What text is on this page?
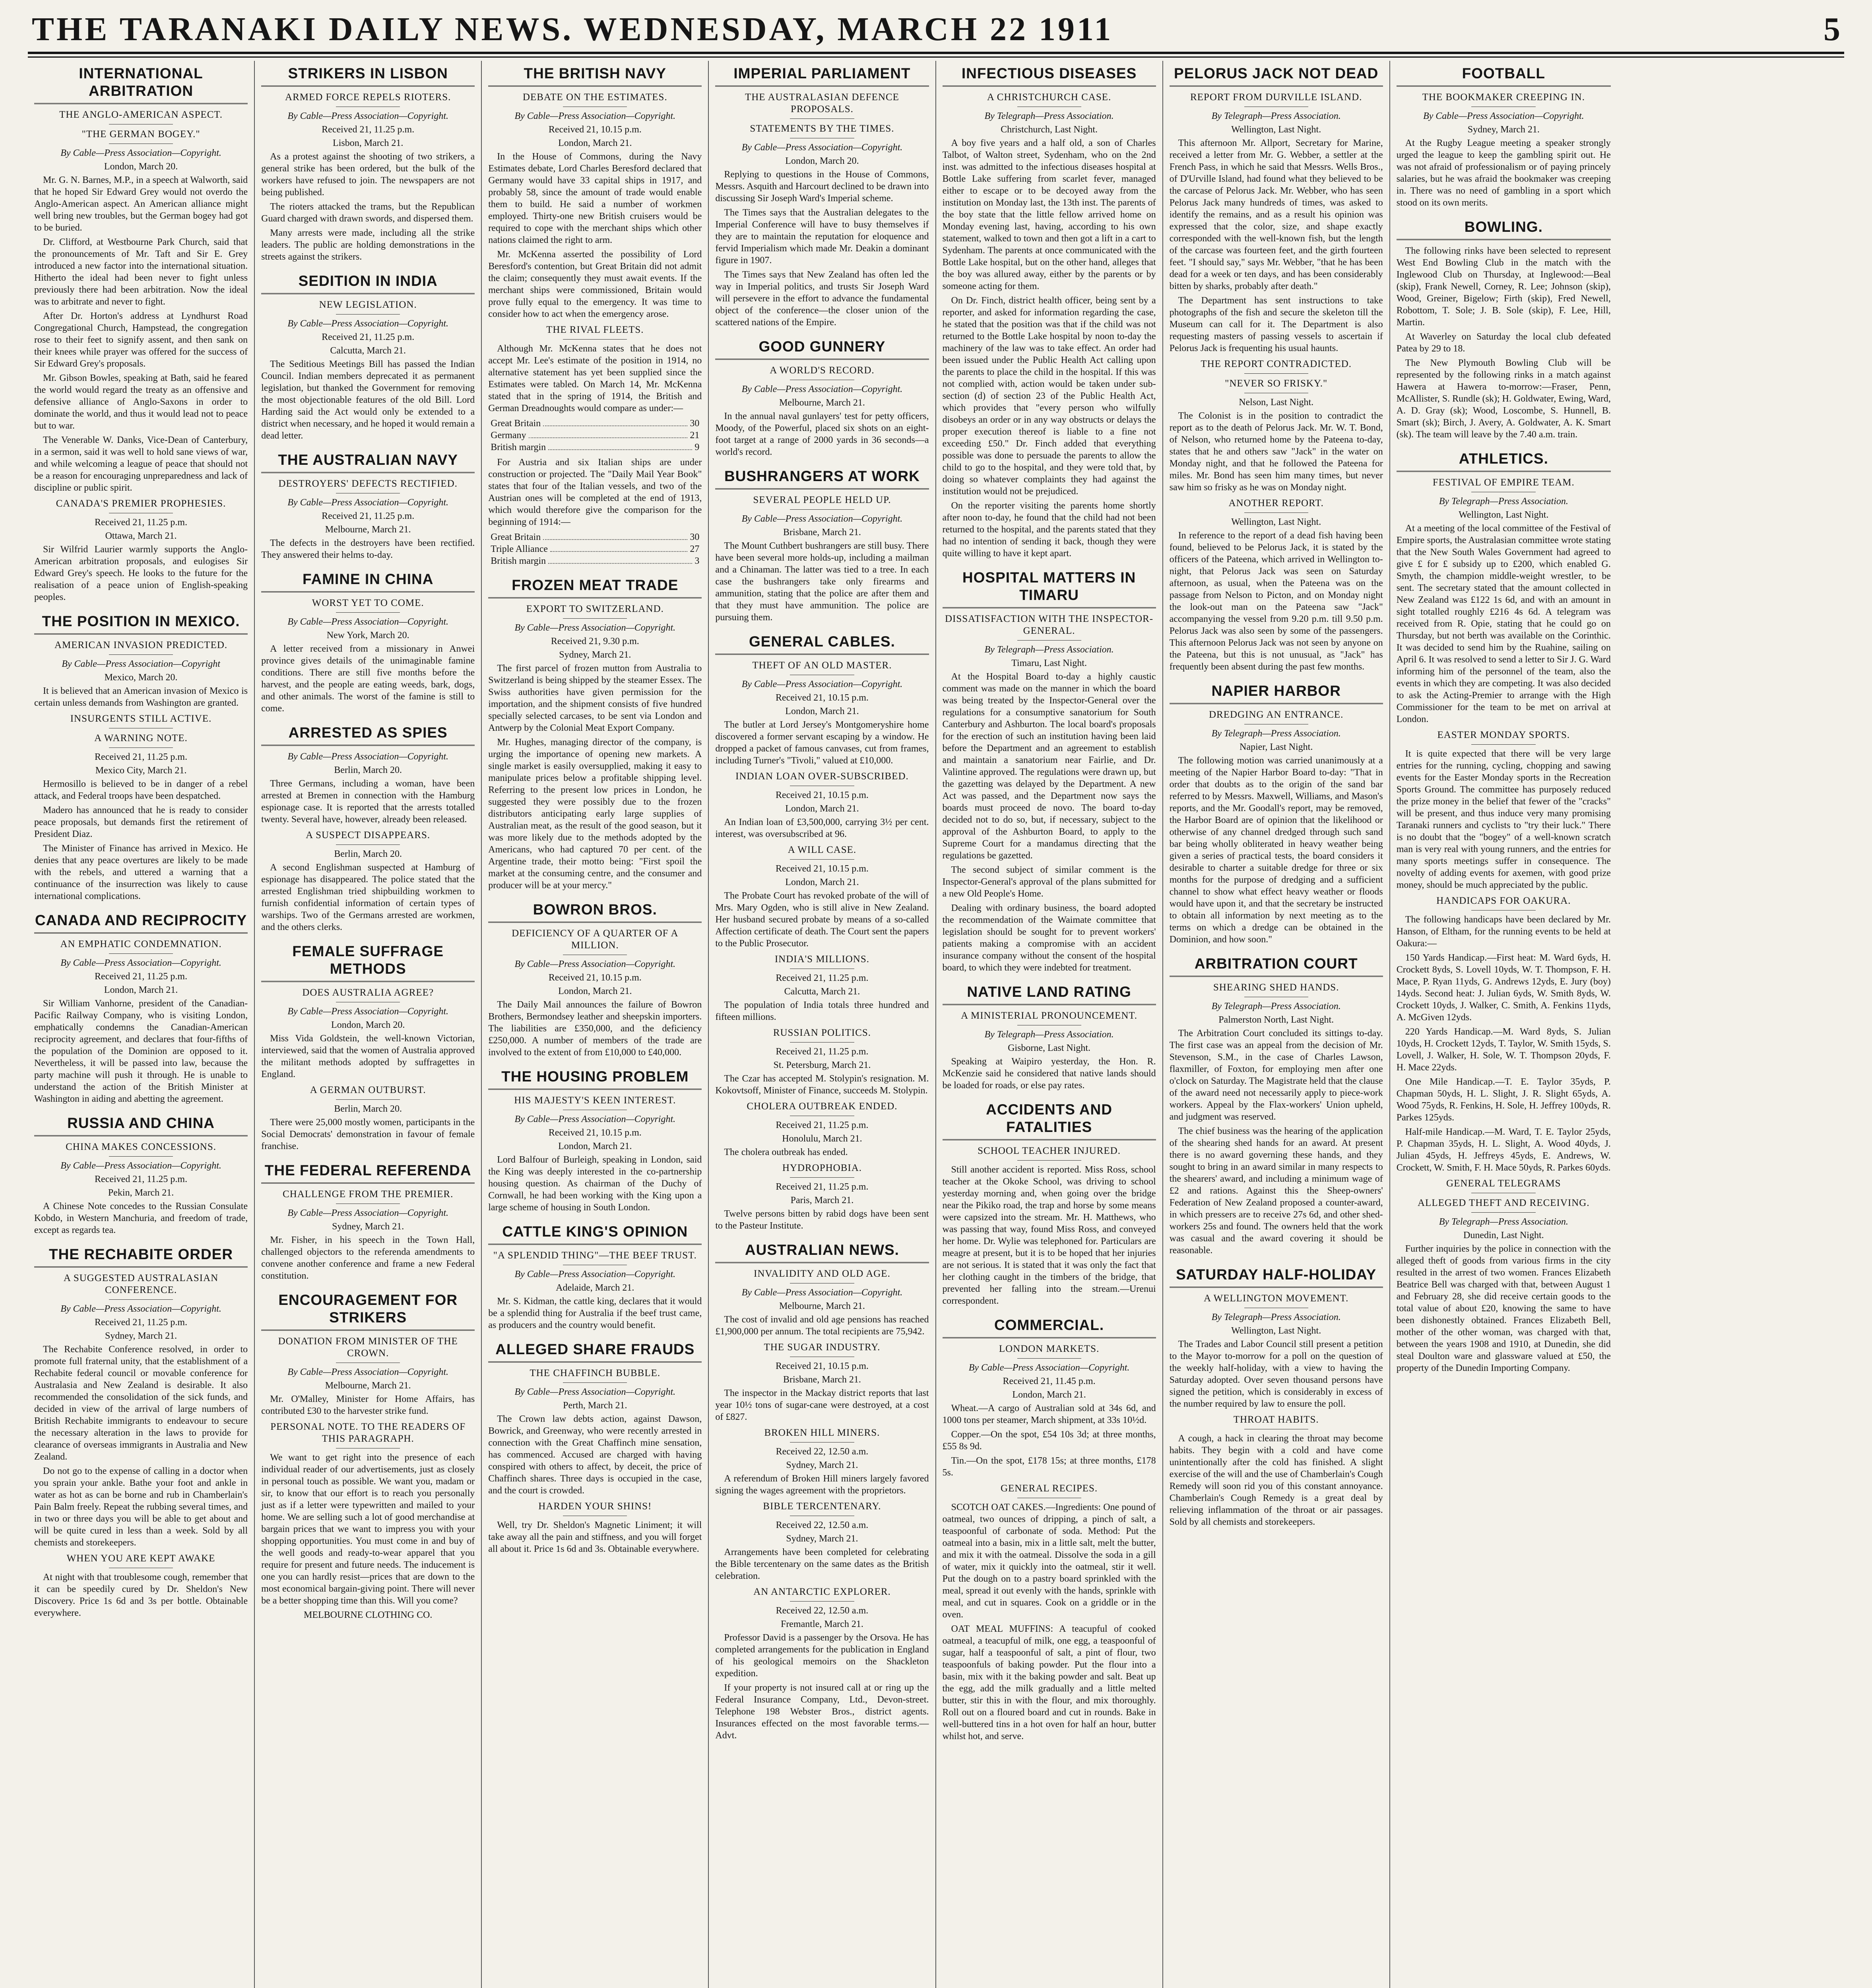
THE TARANAKI DAILY NEWS. WEDNESDAY, MARCH 22 1911	5
INTERNATIONAL ARBITRATION
THE ANGLO-AMERICAN ASPECT.
"THE GERMAN BOGEY."
By Cable—Press Association—Copyright.
London, March 20.
Mr. G. N. Barnes, M.P., in a speech at Walworth, said that he hoped Sir Edward Grey would not overdo the Anglo-American aspect. An American alliance might well bring new troubles, but the German bogey had got to be buried.
Dr. Clifford, at Westbourne Park Church, said that the pronouncements of Mr. Taft and Sir E. Grey introduced a new factor into the international situation. Hitherto the ideal had been never to fight unless previously there had been arbitration. Now the ideal was to arbitrate and never to fight.
After Dr. Horton's address at Lyndhurst Road Congregational Church, Hampstead, the congregation rose to their feet to signify assent, and then sank on their knees while prayer was offered for the success of Sir Edward Grey's proposals.
Mr. Gibson Bowles, speaking at Bath, said he feared the world would regard the treaty as an offensive and defensive alliance of Anglo-Saxons in order to dominate the world, and thus it would lead not to peace but to war.
The Venerable W. Danks, Vice-Dean of Canterbury, in a sermon, said it was well to hold sane views of war, and while welcoming a league of peace that should not be a reason for encouraging unpreparedness and lack of discipline or public spirit.
CANADA'S PREMIER PROPHESIES.
Received 21, 11.25 p.m.
Ottawa, March 21.
Sir Wilfrid Laurier warmly supports the Anglo-American arbitration proposals, and eulogises Sir Edward Grey's speech. He looks to the future for the realisation of a peace union of English-speaking peoples.
THE POSITION IN MEXICO.
AMERICAN INVASION PREDICTED.
By Cable—Press Association—Copyright
Mexico, March 20.
It is believed that an American invasion of Mexico is certain unless demands from Washington are granted.
INSURGENTS STILL ACTIVE.
A WARNING NOTE.
Received 21, 11.25 p.m.
Mexico City, March 21.
Hermosillo is believed to be in danger of a rebel attack, and Federal troops have been despatched.
Madero has announced that he is ready to consider peace proposals, but demands first the retirement of President Diaz.
The Minister of Finance has arrived in Mexico. He denies that any peace overtures are likely to be made with the rebels, and uttered a warning that a continuance of the insurrection was likely to cause international complications.
CANADA AND RECIPROCITY
AN EMPHATIC CONDEMNATION.
By Cable—Press Association—Copyright.
Received 21, 11.25 p.m.
London, March 21.
Sir William Vanhorne, president of the Canadian-Pacific Railway Company, who is visiting London, emphatically condemns the Canadian-American reciprocity agreement, and declares that four-fifths of the population of the Dominion are opposed to it. Nevertheless, it will be passed into law, because the party machine will push it through. He is unable to understand the action of the British Minister at Washington in aiding and abetting the agreement.
RUSSIA AND CHINA
CHINA MAKES CONCESSIONS.
By Cable—Press Association—Copyright.
Received 21, 11.25 p.m.
Pekin, March 21.
A Chinese Note concedes to the Russian Consulate Kobdo, in Western Manchuria, and freedom of trade, except as regards tea.
THE RECHABITE ORDER
A SUGGESTED AUSTRALASIAN CONFERENCE.
By Cable—Press Association—Copyright.
Received 21, 11.25 p.m.
Sydney, March 21.
The Rechabite Conference resolved, in order to promote full fraternal unity, that the establishment of a Rechabite federal council or movable conference for Australasia and New Zealand is desirable. It also recommended the consolidation of the sick funds, and decided in view of the arrival of large numbers of British Rechabite immigrants to endeavour to secure the necessary alteration in the laws to provide for clearance of overseas immigrants in Australia and New Zealand.
Do not go to the expense of calling in a doctor when you sprain your ankle. Bathe your foot and ankle in water as hot as can be borne and rub in Chamberlain's Pain Balm freely. Repeat the rubbing several times, and in two or three days you will be able to get about and will be quite cured in less than a week. Sold by all chemists and storekeepers.
WHEN YOU ARE KEPT AWAKE
At night with that troublesome cough, remember that it can be speedily cured by Dr. Sheldon's New Discovery. Price 1s 6d and 3s per bottle. Obtainable everywhere.
STRIKERS IN LISBON
ARMED FORCE REPELS RIOTERS.
By Cable—Press Association—Copyright.
Received 21, 11.25 p.m.
Lisbon, March 21.
As a protest against the shooting of two strikers, a general strike has been ordered, but the bulk of the workers have refused to join. The newspapers are not being published.
The rioters attacked the trams, but the Republican Guard charged with drawn swords, and dispersed them.
Many arrests were made, including all the strike leaders. The public are holding demonstrations in the streets against the strikers.
SEDITION IN INDIA
NEW LEGISLATION.
By Cable—Press Association—Copyright.
Received 21, 11.25 p.m.
Calcutta, March 21.
The Seditious Meetings Bill has passed the Indian Council. Indian members deprecated it as permanent legislation, but thanked the Government for removing the most objectionable features of the old Bill. Lord Harding said the Act would only be extended to a district when necessary, and he hoped it would remain a dead letter.
THE AUSTRALIAN NAVY
DESTROYERS' DEFECTS RECTIFIED.
By Cable—Press Association—Copyright.
Received 21, 11.25 p.m.
Melbourne, March 21.
The defects in the destroyers have been rectified. They answered their helms to-day.
FAMINE IN CHINA
WORST YET TO COME.
By Cable—Press Association—Copyright.
New York, March 20.
A letter received from a missionary in Anwei province gives details of the unimaginable famine conditions. There are still five months before the harvest, and the people are eating weeds, bark, dogs, and other animals. The worst of the famine is still to come.
ARRESTED AS SPIES
By Cable—Press Association—Copyright.
Berlin, March 20.
Three Germans, including a woman, have been arrested at Bremen in connection with the Hamburg espionage case. It is reported that the arrests totalled twenty. Several have, however, already been released.
A SUSPECT DISAPPEARS.
Berlin, March 20.
A second Englishman suspected at Hamburg of espionage has disappeared. The police stated that the arrested Englishman tried shipbuilding workmen to furnish confidential information of certain types of warships. Two of the Germans arrested are workmen, and the others clerks.
FEMALE SUFFRAGE METHODS
DOES AUSTRALIA AGREE?
By Cable—Press Association—Copyright.
London, March 20.
Miss Vida Goldstein, the well-known Victorian, interviewed, said that the women of Australia approved the militant methods adopted by suffragettes in England.
A GERMAN OUTBURST.
Berlin, March 20.
There were 25,000 mostly women, participants in the Social Democrats' demonstration in favour of female franchise.
THE FEDERAL REFERENDA
CHALLENGE FROM THE PREMIER.
By Cable—Press Association—Copyright.
Sydney, March 21.
Mr. Fisher, in his speech in the Town Hall, challenged objectors to the referenda amendments to convene another conference and frame a new Federal constitution.
ENCOURAGEMENT FOR STRIKERS
DONATION FROM MINISTER OF THE CROWN.
By Cable—Press Association—Copyright.
Melbourne, March 21.
Mr. O'Malley, Minister for Home Affairs, has contributed £30 to the harvester strike fund.
PERSONAL NOTE. TO THE READERS OF THIS PARAGRAPH.
We want to get right into the presence of each individual reader of our advertisements, just as closely in personal touch as possible. We want you, madam or sir, to know that our effort is to reach you personally just as if a letter were typewritten and mailed to your home. We are selling such a lot of good merchandise at bargain prices that we want to impress you with your shopping opportunities. You must come in and buy of the well goods and ready-to-wear apparel that you require for present and future needs. The inducement is one you can hardly resist—prices that are down to the most economical bargain-giving point. There will never be a better shopping time than this. Will you come?
MELBOURNE CLOTHING CO.
THE BRITISH NAVY
DEBATE ON THE ESTIMATES.
By Cable—Press Association—Copyright.
Received 21, 10.15 p.m.
London, March 21.
In the House of Commons, during the Navy Estimates debate, Lord Charles Beresford declared that Germany would have 33 capital ships in 1917, and probably 58, since the amount of trade would enable them to build. He said a number of workmen employed. Thirty-one new British cruisers would be required to cope with the merchant ships which other nations claimed the right to arm.
Mr. McKenna asserted the possibility of Lord Beresford's contention, but Great Britain did not admit the claim; consequently they must await events. If the merchant ships were commissioned, Britain would prove fully equal to the emergency. It was time to consider how to act when the emergency arose.
THE RIVAL FLEETS.
Although Mr. McKenna states that he does not accept Mr. Lee's estimate of the position in 1914, no alternative statement has yet been supplied since the Estimates were tabled. On March 14, Mr. McKenna stated that in the spring of 1914, the British and German Dreadnoughts would compare as under:—
Great Britain	30
Germany	21
British margin	9
For Austria and six Italian ships are under construction or projected. The "Daily Mail Year Book" states that four of the Italian vessels, and two of the Austrian ones will be completed at the end of 1913, which would therefore give the comparison for the beginning of 1914:—
Great Britain	30
Triple Alliance	27
British margin	3
FROZEN MEAT TRADE
EXPORT TO SWITZERLAND.
By Cable—Press Association—Copyright.
Received 21, 9.30 p.m.
Sydney, March 21.
The first parcel of frozen mutton from Australia to Switzerland is being shipped by the steamer Essex. The Swiss authorities have given permission for the importation, and the shipment consists of five hundred specially selected carcases, to be sent via London and Antwerp by the Colonial Meat Export Company.
Mr. Hughes, managing director of the company, is urging the importance of opening new markets. A single market is easily oversupplied, making it easy to manipulate prices below a profitable shipping level. Referring to the present low prices in London, he suggested they were possibly due to the frozen distributors anticipating early large supplies of Australian meat, as the result of the good season, but it was more likely due to the methods adopted by the Americans, who had captured 70 per cent. of the Argentine trade, their motto being: "First spoil the market at the consuming centre, and the consumer and producer will be at your mercy."
BOWRON BROS.
DEFICIENCY OF A QUARTER OF A MILLION.
By Cable—Press Association—Copyright.
Received 21, 10.15 p.m.
London, March 21.
The Daily Mail announces the failure of Bowron Brothers, Bermondsey leather and sheepskin importers. The liabilities are £350,000, and the deficiency £250,000. A number of members of the trade are involved to the extent of from £10,000 to £40,000.
THE HOUSING PROBLEM
HIS MAJESTY'S KEEN INTEREST.
By Cable—Press Association—Copyright.
Received 21, 10.15 p.m.
London, March 21.
Lord Balfour of Burleigh, speaking in London, said the King was deeply interested in the co-partnership housing question. As chairman of the Duchy of Cornwall, he had been working with the King upon a large scheme of housing in South London.
CATTLE KING'S OPINION
"A SPLENDID THING"—THE BEEF TRUST.
By Cable—Press Association—Copyright.
Adelaide, March 21.
Mr. S. Kidman, the cattle king, declares that it would be a splendid thing for Australia if the beef trust came, as producers and the country would benefit.
ALLEGED SHARE FRAUDS
THE CHAFFINCH BUBBLE.
By Cable—Press Association—Copyright.
Perth, March 21.
The Crown law debts action, against Dawson, Bowrick, and Greenway, who were recently arrested in connection with the Great Chaffinch mine sensation, has commenced. Accused are charged with having conspired with others to affect, by deceit, the price of Chaffinch shares. Three days is occupied in the case, and the court is crowded.
HARDEN YOUR SHINS!
Well, try Dr. Sheldon's Magnetic Liniment; it will take away all the pain and stiffness, and you will forget all about it. Price 1s 6d and 3s. Obtainable everywhere.
IMPERIAL PARLIAMENT
THE AUSTRALASIAN DEFENCE PROPOSALS.
STATEMENTS BY THE TIMES.
By Cable—Press Association—Copyright.
London, March 20.
Replying to questions in the House of Commons, Messrs. Asquith and Harcourt declined to be drawn into discussing Sir Joseph Ward's Imperial scheme.
The Times says that the Australian delegates to the Imperial Conference will have to busy themselves if they are to maintain the reputation for eloquence and fervid Imperialism which made Mr. Deakin a dominant figure in 1907.
The Times says that New Zealand has often led the way in Imperial politics, and trusts Sir Joseph Ward will persevere in the effort to advance the fundamental object of the conference—the closer union of the scattered nations of the Empire.
GOOD GUNNERY
A WORLD'S RECORD.
By Cable—Press Association—Copyright.
Melbourne, March 21.
In the annual naval gunlayers' test for petty officers, Moody, of the Powerful, placed six shots on an eight-foot target at a range of 2000 yards in 36 seconds—a world's record.
BUSHRANGERS AT WORK
SEVERAL PEOPLE HELD UP.
By Cable—Press Association—Copyright.
Brisbane, March 21.
The Mount Cuthbert bushrangers are still busy. There have been several more holds-up, including a mailman and a Chinaman. The latter was tied to a tree. In each case the bushrangers take only firearms and ammunition, stating that the police are after them and that they must have ammunition. The police are pursuing them.
GENERAL CABLES.
THEFT OF AN OLD MASTER.
By Cable—Press Association—Copyright.
Received 21, 10.15 p.m.
London, March 21.
The butler at Lord Jersey's Montgomeryshire home discovered a former servant escaping by a window. He dropped a packet of famous canvases, cut from frames, including Turner's "Tivoli," valued at £10,000.
INDIAN LOAN OVER-SUBSCRIBED.
Received 21, 10.15 p.m.
London, March 21.
An Indian loan of £3,500,000, carrying 3½ per cent. interest, was oversubscribed at 96.
A WILL CASE.
Received 21, 10.15 p.m.
London, March 21.
The Probate Court has revoked probate of the will of Mrs. Mary Ogden, who is still alive in New Zealand. Her husband secured probate by means of a so-called Affection certificate of death. The Court sent the papers to the Public Prosecutor.
INDIA'S MILLIONS.
Received 21, 11.25 p.m.
Calcutta, March 21.
The population of India totals three hundred and fifteen millions.
RUSSIAN POLITICS.
Received 21, 11.25 p.m.
St. Petersburg, March 21.
The Czar has accepted M. Stolypin's resignation. M. Kokovtsoff, Minister of Finance, succeeds M. Stolypin.
CHOLERA OUTBREAK ENDED.
Received 21, 11.25 p.m.
Honolulu, March 21.
The cholera outbreak has ended.
HYDROPHOBIA.
Received 21, 11.25 p.m.
Paris, March 21.
Twelve persons bitten by rabid dogs have been sent to the Pasteur Institute.
AUSTRALIAN NEWS.
INVALIDITY AND OLD AGE.
By Cable—Press Association—Copyright.
Melbourne, March 21.
The cost of invalid and old age pensions has reached £1,900,000 per annum. The total recipients are 75,942.
THE SUGAR INDUSTRY.
Received 21, 10.15 p.m.
Brisbane, March 21.
The inspector in the Mackay district reports that last year 10½ tons of sugar-cane were destroyed, at a cost of £827.
BROKEN HILL MINERS.
Received 22, 12.50 a.m.
Sydney, March 21.
A referendum of Broken Hill miners largely favored signing the wages agreement with the proprietors.
BIBLE TERCENTENARY.
Received 22, 12.50 a.m.
Sydney, March 21.
Arrangements have been completed for celebrating the Bible tercentenary on the same dates as the British celebration.
AN ANTARCTIC EXPLORER.
Received 22, 12.50 a.m.
Fremantle, March 21.
Professor David is a passenger by the Orsova. He has completed arrangements for the publication in England of his geological memoirs on the Shackleton expedition.
If your property is not insured call at or ring up the Federal Insurance Company, Ltd., Devon-street. Telephone 198 Webster Bros., district agents. Insurances effected on the most favorable terms.—Advt.
INFECTIOUS DISEASES
A CHRISTCHURCH CASE.
By Telegraph—Press Association.
Christchurch, Last Night.
A boy five years and a half old, a son of Charles Talbot, of Walton street, Sydenham, who on the 2nd inst. was admitted to the infectious diseases hospital at Bottle Lake suffering from scarlet fever, managed either to escape or to be decoyed away from the institution on Monday last, the 13th inst. The parents of the boy state that the little fellow arrived home on Monday evening last, having, according to his own statement, walked to town and then got a lift in a cart to Sydenham. The parents at once communicated with the Bottle Lake hospital, but on the other hand, alleges that the boy was allured away, either by the parents or by someone acting for them.
On Dr. Finch, district health officer, being sent by a reporter, and asked for information regarding the case, he stated that the position was that if the child was not returned to the Bottle Lake hospital by noon to-day the machinery of the law was to take effect. An order had been issued under the Public Health Act calling upon the parents to place the child in the hospital. If this was not complied with, action would be taken under sub-section (d) of section 23 of the Public Health Act, which provides that "every person who wilfully disobeys an order or in any way obstructs or delays the proper execution thereof is liable to a fine not exceeding £50." Dr. Finch added that everything possible was done to persuade the parents to allow the child to go to the hospital, and they were told that, by doing so whatever complaints they had against the institution would not be prejudiced.
On the reporter visiting the parents home shortly after noon to-day, he found that the child had not been returned to the hospital, and the parents stated that they had no intention of sending it back, though they were quite willing to have it kept apart.
HOSPITAL MATTERS IN TIMARU
DISSATISFACTION WITH THE INSPECTOR-GENERAL.
By Telegraph—Press Association.
Timaru, Last Night.
At the Hospital Board to-day a highly caustic comment was made on the manner in which the board was being treated by the Inspector-General over the regulations for a consumptive sanatorium for South Canterbury and Ashburton. The local board's proposals for the erection of such an institution having been laid before the Department and an agreement to establish and maintain a sanatorium near Fairlie, and Dr. Valintine approved. The regulations were drawn up, but the gazetting was delayed by the Department. A new Act was passed, and the Department now says the boards must proceed de novo. The board to-day decided not to do so, but, if necessary, subject to the approval of the Ashburton Board, to apply to the Supreme Court for a mandamus directing that the regulations be gazetted.
The second subject of similar comment is the Inspector-General's approval of the plans submitted for a new Old People's Home.
Dealing with ordinary business, the board adopted the recommendation of the Waimate committee that legislation should be sought for to prevent workers' patients making a compromise with an accident insurance company without the consent of the hospital board, to which they were indebted for treatment.
NATIVE LAND RATING
A MINISTERIAL PRONOUNCEMENT.
By Telegraph—Press Association.
Gisborne, Last Night.
Speaking at Waipiro yesterday, the Hon. R. McKenzie said he considered that native lands should be loaded for roads, or else pay rates.
ACCIDENTS AND FATALITIES
SCHOOL TEACHER INJURED.
Still another accident is reported. Miss Ross, school teacher at the Okoke School, was driving to school yesterday morning and, when going over the bridge near the Pikiko road, the trap and horse by some means were capsized into the stream. Mr. H. Matthews, who was passing that way, found Miss Ross, and conveyed her home. Dr. Wylie was telephoned for. Particulars are meagre at present, but it is to be hoped that her injuries are not serious. It is stated that it was only the fact that her clothing caught in the timbers of the bridge, that prevented her falling into the stream.—Urenui correspondent.
COMMERCIAL.
LONDON MARKETS.
By Cable—Press Association—Copyright.
Received 21, 11.45 p.m.
London, March 21.
Wheat.—A cargo of Australian sold at 34s 6d, and 1000 tons per steamer, March shipment, at 33s 10½d.
Copper.—On the spot, £54 10s 3d; at three months, £55 8s 9d.
Tin.—On the spot, £178 15s; at three months, £178 5s.
GENERAL RECIPES.
SCOTCH OAT CAKES.—Ingredients: One pound of oatmeal, two ounces of dripping, a pinch of salt, a teaspoonful of carbonate of soda. Method: Put the oatmeal into a basin, mix in a little salt, melt the butter, and mix it with the oatmeal. Dissolve the soda in a gill of water, mix it quickly into the oatmeal, stir it well. Put the dough on to a pastry board sprinkled with the meal, spread it out evenly with the hands, sprinkle with meal, and cut in squares. Cook on a griddle or in the oven.
OAT MEAL MUFFINS: A teacupful of cooked oatmeal, a teacupful of milk, one egg, a teaspoonful of sugar, half a teaspoonful of salt, a pint of flour, two teaspoonfuls of baking powder. Put the flour into a basin, mix with it the baking powder and salt. Beat up the egg, add the milk gradually and a little melted butter, stir this in with the flour, and mix thoroughly. Roll out on a floured board and cut in rounds. Bake in well-buttered tins in a hot oven for half an hour, butter whilst hot, and serve.
PELORUS JACK NOT DEAD
REPORT FROM DURVILLE ISLAND.
By Telegraph—Press Association.
Wellington, Last Night.
This afternoon Mr. Allport, Secretary for Marine, received a letter from Mr. G. Webber, a settler at the French Pass, in which he said that Messrs. Wells Bros., of D'Urville Island, had found what they believed to be the carcase of Pelorus Jack. Mr. Webber, who has seen Pelorus Jack many hundreds of times, was asked to identify the remains, and as a result his opinion was expressed that the color, size, and shape exactly corresponded with the well-known fish, but the length of the carcase was fourteen feet, and the girth fourteen feet. "I should say," says Mr. Webber, "that he has been dead for a week or ten days, and has been considerably bitten by sharks, probably after death."
The Department has sent instructions to take photographs of the fish and secure the skeleton till the Museum can call for it. The Department is also requesting masters of passing vessels to ascertain if Pelorus Jack is frequenting his usual haunts.
THE REPORT CONTRADICTED.
"NEVER SO FRISKY."
Nelson, Last Night.
The Colonist is in the position to contradict the report as to the death of Pelorus Jack. Mr. W. T. Bond, of Nelson, who returned home by the Pateena to-day, states that he and others saw "Jack" in the water on Monday night, and that he followed the Pateena for miles. Mr. Bond has seen him many times, but never saw him so frisky as he was on Monday night.
ANOTHER REPORT.
Wellington, Last Night.
In reference to the report of a dead fish having been found, believed to be Pelorus Jack, it is stated by the officers of the Pateena, which arrived in Wellington to-night, that Pelorus Jack was seen on Saturday afternoon, as usual, when the Pateena was on the passage from Nelson to Picton, and on Monday night the look-out man on the Pateena saw "Jack" accompanying the vessel from 9.20 p.m. till 9.50 p.m. Pelorus Jack was also seen by some of the passengers. This afternoon Pelorus Jack was not seen by anyone on the Pateena, but this is not unusual, as "Jack" has frequently been absent during the past few months.
NAPIER HARBOR
DREDGING AN ENTRANCE.
By Telegraph—Press Association.
Napier, Last Night.
The following motion was carried unanimously at a meeting of the Napier Harbor Board to-day: "That in order that doubts as to the origin of the sand bar referred to by Messrs. Maxwell, Williams, and Mason's reports, and the Mr. Goodall's report, may be removed, the Harbor Board are of opinion that the likelihood or otherwise of any channel dredged through such sand bar being wholly obliterated in heavy weather being given a series of practical tests, the board considers it desirable to charter a suitable dredge for three or six months for the purpose of dredging and a sufficient channel to show what effect heavy weather or floods would have upon it, and that the secretary be instructed to obtain all information by next meeting as to the terms on which a dredge can be obtained in the Dominion, and how soon."
ARBITRATION COURT
SHEARING SHED HANDS.
By Telegraph—Press Association.
Palmerston North, Last Night.
The Arbitration Court concluded its sittings to-day. The first case was an appeal from the decision of Mr. Stevenson, S.M., in the case of Charles Lawson, flaxmiller, of Foxton, for employing men after one o'clock on Saturday. The Magistrate held that the clause of the award need not necessarily apply to piece-work workers. Appeal by the Flax-workers' Union upheld, and judgment was reserved.
The chief business was the hearing of the application of the shearing shed hands for an award. At present there is no award governing these hands, and they sought to bring in an award similar in many respects to the shearers' award, and including a minimum wage of £2 and rations. Against this the Sheep-owners' Federation of New Zealand proposed a counter-award, in which pressers are to receive 27s 6d, and other shed-workers 25s and found. The owners held that the work was casual and the award covering it should be reasonable.
SATURDAY HALF-HOLIDAY
A WELLINGTON MOVEMENT.
By Telegraph—Press Association.
Wellington, Last Night.
The Trades and Labor Council still present a petition to the Mayor to-morrow for a poll on the question of the weekly half-holiday, with a view to having the Saturday adopted. Over seven thousand persons have signed the petition, which is considerably in excess of the number required by law to ensure the poll.
THROAT HABITS.
A cough, a hack in clearing the throat may become habits. They begin with a cold and have come unintentionally after the cold has finished. A slight exercise of the will and the use of Chamberlain's Cough Remedy will soon rid you of this constant annoyance. Chamberlain's Cough Remedy is a great deal by relieving inflammation of the throat or air passages. Sold by all chemists and storekeepers.
FOOTBALL
THE BOOKMAKER CREEPING IN.
By Cable—Press Association—Copyright.
Sydney, March 21.
At the Rugby League meeting a speaker strongly urged the league to keep the gambling spirit out. He was not afraid of professionalism or of paying princely salaries, but he was afraid the bookmaker was creeping in. There was no need of gambling in a sport which stood on its own merits.
BOWLING.
The following rinks have been selected to represent West End Bowling Club in the match with the Inglewood Club on Thursday, at Inglewood:—Beal (skip), Frank Newell, Corney, R. Lee; Johnson (skip), Wood, Greiner, Bigelow; Firth (skip), Fred Newell, Robottom, T. Sole; J. B. Sole (skip), F. Lee, Hill, Martin.
At Waverley on Saturday the local club defeated Patea by 29 to 18.
The New Plymouth Bowling Club will be represented by the following rinks in a match against Hawera at Hawera to-morrow:—Fraser, Penn, McAllister, S. Rundle (sk); H. Goldwater, Ewing, Ward, A. D. Gray (sk); Wood, Loscombe, S. Hunnell, B. Smart (sk); Birch, J. Avery, A. Goldwater, A. K. Smart (sk). The team will leave by the 7.40 a.m. train.
ATHLETICS.
FESTIVAL OF EMPIRE TEAM.
By Telegraph—Press Association.
Wellington, Last Night.
At a meeting of the local committee of the Festival of Empire sports, the Australasian committee wrote stating that the New South Wales Government had agreed to give £ for £ subsidy up to £200, which enabled G. Smyth, the champion middle-weight wrestler, to be sent. The secretary stated that the amount collected in New Zealand was £122 1s 6d, and with an amount in sight totalled roughly £216 4s 6d. A telegram was received from R. Opie, stating that he could go on Thursday, but not berth was available on the Corinthic. It was decided to send him by the Ruahine, sailing on April 6. It was resolved to send a letter to Sir J. G. Ward informing him of the personnel of the team, also the events in which they are competing. It was also decided to ask the Acting-Premier to arrange with the High Commissioner for the team to be met on arrival at London.
EASTER MONDAY SPORTS.
It is quite expected that there will be very large entries for the running, cycling, chopping and sawing events for the Easter Monday sports in the Recreation Sports Ground. The committee has purposely reduced the prize money in the belief that fewer of the "cracks" will be present, and thus induce very many promising Taranaki runners and cyclists to "try their luck." There is no doubt that the "bogey" of a well-known scratch man is very real with young runners, and the entries for many sports meetings suffer in consequence. The novelty of adding events for axemen, with good prize money, should be much appreciated by the public.
HANDICAPS FOR OAKURA.
The following handicaps have been declared by Mr. Hanson, of Eltham, for the running events to be held at Oakura:—
150 Yards Handicap.—First heat: M. Ward 6yds, H. Crockett 8yds, S. Lovell 10yds, W. T. Thompson, F. H. Mace, P. Ryan 11yds, G. Andrews 12yds, E. Jury (boy) 14yds. Second heat: J. Julian 6yds, W. Smith 8yds, W. Crockett 10yds, J. Walker, C. Smith, A. Fenkins 11yds, A. McGiven 12yds.
220 Yards Handicap.—M. Ward 8yds, S. Julian 10yds, H. Crockett 12yds, T. Taylor, W. Smith 15yds, S. Lovell, J. Walker, H. Sole, W. T. Thompson 20yds, F. H. Mace 22yds.
One Mile Handicap.—T. E. Taylor 35yds, P. Chapman 50yds, H. L. Slight, J. R. Slight 65yds, A. Wood 75yds, R. Fenkins, H. Sole, H. Jeffrey 100yds, R. Parkes 125yds.
Half-mile Handicap.—M. Ward, T. E. Taylor 25yds, P. Chapman 35yds, H. L. Slight, A. Wood 40yds, J. Julian 45yds, H. Jeffreys 45yds, E. Andrews, W. Crockett, W. Smith, F. H. Mace 50yds, R. Parkes 60yds.
GENERAL TELEGRAMS
ALLEGED THEFT AND RECEIVING.
By Telegraph—Press Association.
Dunedin, Last Night.
Further inquiries by the police in connection with the alleged theft of goods from various firms in the city resulted in the arrest of two women. Frances Elizabeth Beatrice Bell was charged with that, between August 1 and February 28, she did receive certain goods to the total value of about £20, knowing the same to have been dishonestly obtained. Frances Elizabeth Bell, mother of the other woman, was charged with that, between the years 1908 and 1910, at Dunedin, she did steal Doulton ware and glassware valued at £50, the property of the Dunedin Importing Company.
